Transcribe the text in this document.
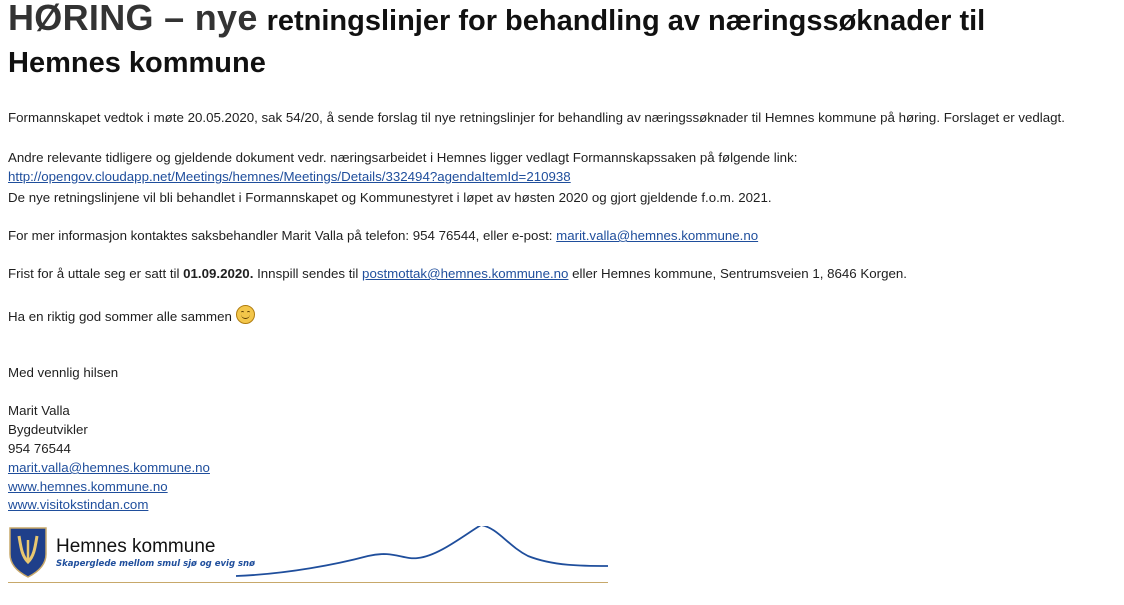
HØRING – nye retningslinjer for behandling av næringssøknader til
Hemnes kommune
Formannskapet vedtok i møte 20.05.2020, sak 54/20, å sende forslag til nye retningslinjer for behandling av næringssøknader til Hemnes kommune på høring. Forslaget er vedlagt.
Andre relevante tidligere og gjeldende dokument vedr. næringsarbeidet i Hemnes ligger vedlagt Formannskapssaken på følgende link:
http://opengov.cloudapp.net/Meetings/hemnes/Meetings/Details/332494?agendaItemId=210938
De nye retningslinjene vil bli behandlet i Formannskapet og Kommunestyret i løpet av høsten 2020 og gjort gjeldende f.o.m. 2021.
For mer informasjon kontaktes saksbehandler Marit Valla på telefon: 954 76544, eller e-post: marit.valla@hemnes.kommune.no
Frist for å uttale seg er satt til 01.09.2020. Innspill sendes til postmottak@hemnes.kommune.no eller Hemnes kommune, Sentrumsveien 1, 8646 Korgen.
Ha en riktig god sommer alle sammen
Med vennlig hilsen
Marit Valla
Bygdeutvikler
954 76544
marit.valla@hemnes.kommune.no
www.hemnes.kommune.no
www.visitokstindan.com
Hemnes kommune
Skaperglede mellom smul sjø og evig snø
